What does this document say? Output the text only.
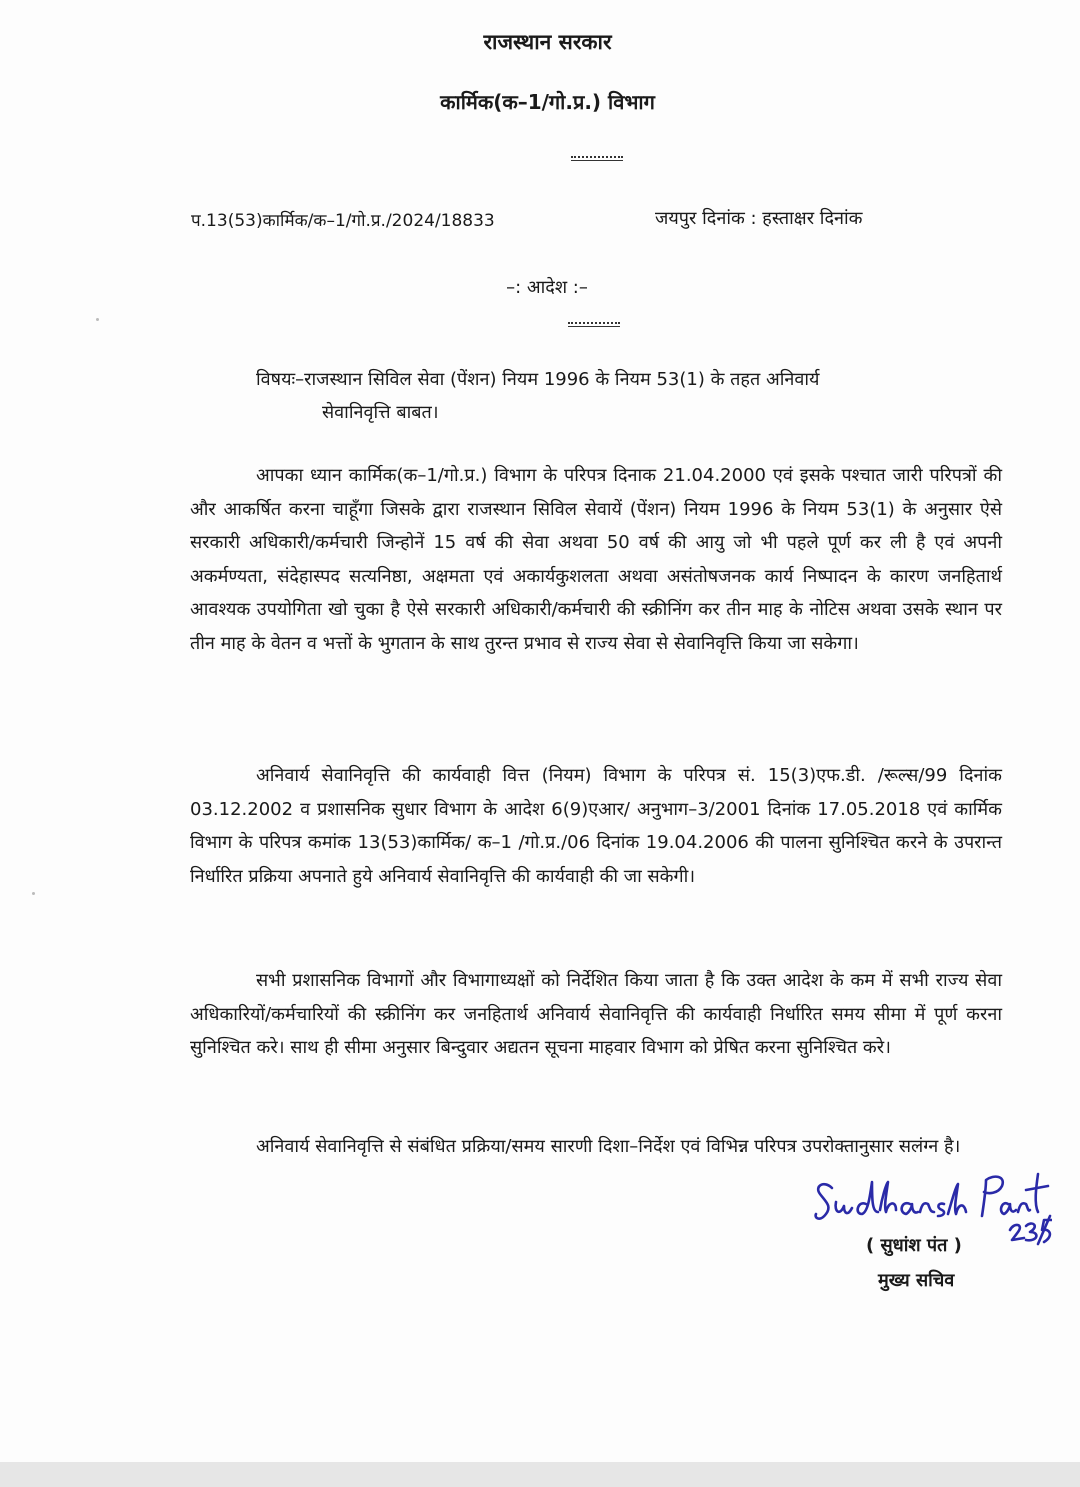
राजस्थान सरकार
कार्मिक(क–1/गो.प्र.) विभाग
प.13(53)कार्मिक/क–1/गो.प्र./2024/18833	जयपुर दिनांक : हस्ताक्षर दिनांक
–: आदेश :–
विषयः–राजस्थान सिविल सेवा (पेंशन) नियम 1996 के नियम 53(1) के तहत अनिवार्य
सेवानिवृत्ति बाबत।
आपका ध्यान कार्मिक(क–1/गो.प्र.) विभाग के परिपत्र दिनाक 21.04.2000 एवं इसके पश्चात जारी परिपत्रों की और आकर्षित करना चाहूँगा जिसके द्वारा राजस्थान सिविल सेवायें (पेंशन) नियम 1996 के नियम 53(1) के अनुसार ऐसे सरकारी अधिकारी/कर्मचारी जिन्होनें 15 वर्ष की सेवा अथवा 50 वर्ष की आयु जो भी पहले पूर्ण कर ली है एवं अपनी अकर्मण्यता, संदेहास्पद सत्यनिष्ठा, अक्षमता एवं अकार्यकुशलता अथवा असंतोषजनक कार्य निष्पादन के कारण जनहितार्थ आवश्यक उपयोगिता खो चुका है ऐसे सरकारी अधिकारी/कर्मचारी की स्क्रीनिंग कर तीन माह के नोटिस अथवा उसके स्थान पर तीन माह के वेतन व भत्तों के भुगतान के साथ तुरन्त प्रभाव से राज्य सेवा से सेवानिवृत्ति किया जा सकेगा।
अनिवार्य सेवानिवृत्ति की कार्यवाही वित्त (नियम) विभाग के परिपत्र सं. 15(3)एफ.डी. /रूल्स/99 दिनांक 03.12.2002 व प्रशासनिक सुधार विभाग के आदेश 6(9)एआर/ अनुभाग–3/2001 दिनांक 17.05.2018 एवं कार्मिक विभाग के परिपत्र कमांक 13(53)कार्मिक/ क–1 /गो.प्र./06 दिनांक 19.04.2006 की पालना सुनिश्चित करने के उपरान्त निर्धारित प्रक्रिया अपनाते हुये अनिवार्य सेवानिवृत्ति की कार्यवाही की जा सकेगी।
सभी प्रशासनिक विभागों और विभागाध्यक्षों को निर्देशित किया जाता है कि उक्त आदेश के कम में सभी राज्य सेवा अधिकारियों/कर्मचारियों की स्क्रीनिंग कर जनहितार्थ अनिवार्य सेवानिवृत्ति की कार्यवाही निर्धारित समय सीमा में पूर्ण करना सुनिश्चित करे। साथ ही सीमा अनुसार बिन्दुवार अद्यतन सूचना माहवार विभाग को प्रेषित करना सुनिश्चित करे।
अनिवार्य सेवानिवृत्ति से संबंधित प्रक्रिया/समय सारणी दिशा–निर्देश एवं विभिन्न परिपत्र उपरोक्तानुसार सलंग्न है।
( सुधांश पंत )
मुख्य सचिव
